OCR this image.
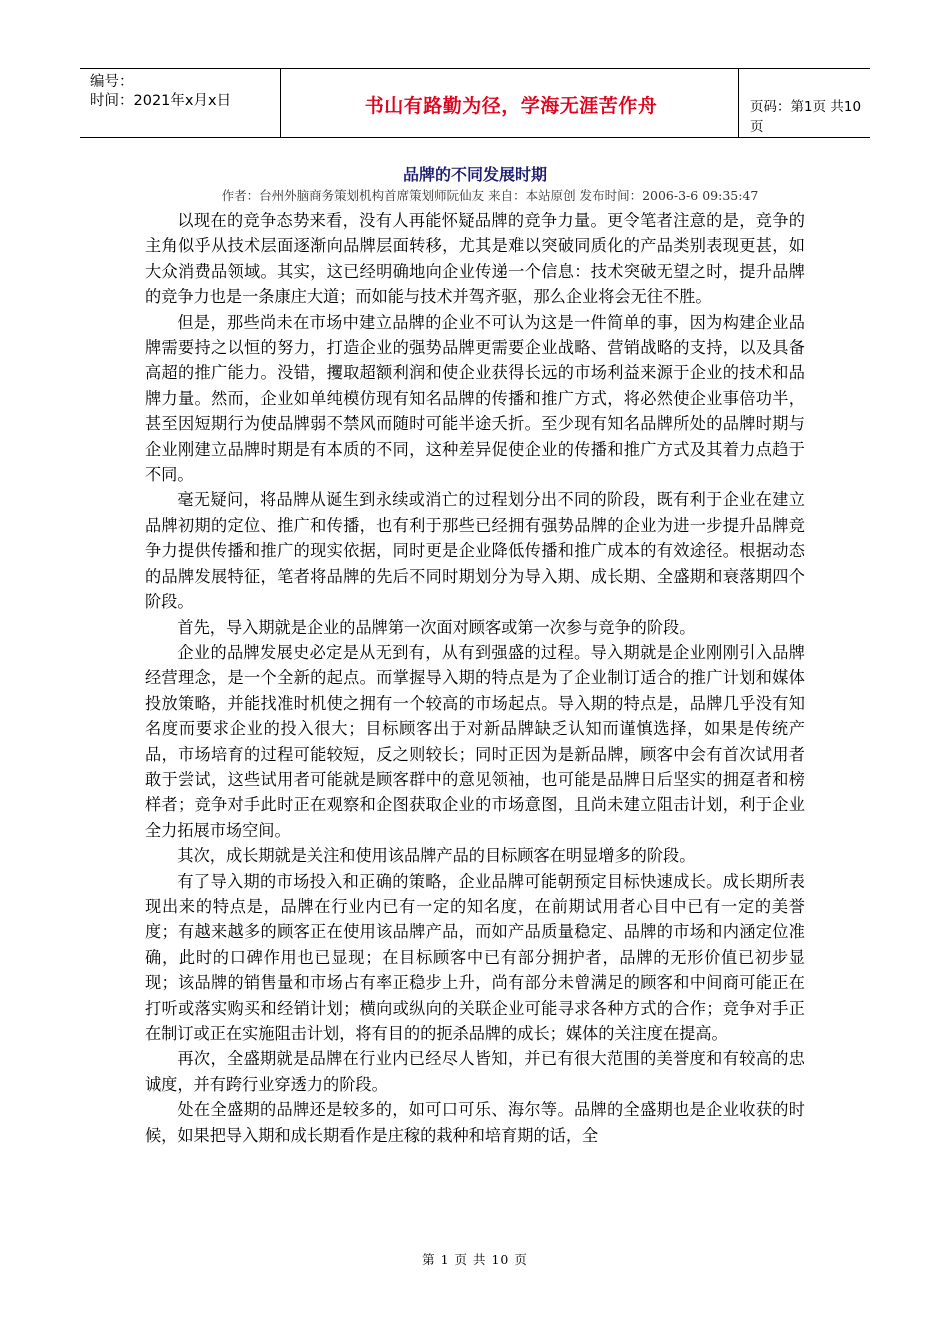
编号：
时间：2021年x月x日	书山有路勤为径，学海无涯苦作舟	页码：第1页 共10页
品牌的不同发展时期
作者：台州外脑商务策划机构首席策划师阮仙友 来自：本站原创 发布时间：2006-3-6 09:35:47

以现在的竞争态势来看，没有人再能怀疑品牌的竞争力量。更令笔者注意的是，竞争的主角似乎从技术层面逐渐向品牌层面转移，尤其是难以突破同质化的产品类别表现更甚，如大众消费品领域。其实，这已经明确地向企业传递一个信息：技术突破无望之时，提升品牌的竞争力也是一条康庄大道；而如能与技术并驾齐驱，那么企业将会无往不胜。

但是，那些尚未在市场中建立品牌的企业不可认为这是一件简单的事，因为构建企业品牌需要持之以恒的努力，打造企业的强势品牌更需要企业战略、营销战略的支持，以及具备高超的推广能力。没错，攫取超额利润和使企业获得长远的市场利益来源于企业的技术和品牌力量。然而，企业如单纯模仿现有知名品牌的传播和推广方式，将必然使企业事倍功半，甚至因短期行为使品牌弱不禁风而随时可能半途夭折。至少现有知名品牌所处的品牌时期与企业刚建立品牌时期是有本质的不同，这种差异促使企业的传播和推广方式及其着力点趋于不同。

毫无疑问，将品牌从诞生到永续或消亡的过程划分出不同的阶段，既有利于企业在建立品牌初期的定位、推广和传播，也有利于那些已经拥有强势品牌的企业为进一步提升品牌竞争力提供传播和推广的现实依据，同时更是企业降低传播和推广成本的有效途径。根据动态的品牌发展特征，笔者将品牌的先后不同时期划分为导入期、成长期、全盛期和衰落期四个阶段。

首先，导入期就是企业的品牌第一次面对顾客或第一次参与竞争的阶段。

企业的品牌发展史必定是从无到有，从有到强盛的过程。导入期就是企业刚刚引入品牌经营理念，是一个全新的起点。而掌握导入期的特点是为了企业制订适合的推广计划和媒体投放策略，并能找准时机使之拥有一个较高的市场起点。导入期的特点是，品牌几乎没有知名度而要求企业的投入很大；目标顾客出于对新品牌缺乏认知而谨慎选择，如果是传统产品，市场培育的过程可能较短，反之则较长；同时正因为是新品牌，顾客中会有首次试用者敢于尝试，这些试用者可能就是顾客群中的意见领袖，也可能是品牌日后坚实的拥趸者和榜样者；竞争对手此时正在观察和企图获取企业的市场意图，且尚未建立阻击计划，利于企业全力拓展市场空间。

其次，成长期就是关注和使用该品牌产品的目标顾客在明显增多的阶段。

有了导入期的市场投入和正确的策略，企业品牌可能朝预定目标快速成长。成长期所表现出来的特点是，品牌在行业内已有一定的知名度，在前期试用者心目中已有一定的美誉度；有越来越多的顾客正在使用该品牌产品，而如产品质量稳定、品牌的市场和内涵定位准确，此时的口碑作用也已显现；在目标顾客中已有部分拥护者，品牌的无形价值已初步显现；该品牌的销售量和市场占有率正稳步上升，尚有部分未曾满足的顾客和中间商可能正在打听或落实购买和经销计划；横向或纵向的关联企业可能寻求各种方式的合作；竞争对手正在制订或正在实施阻击计划，将有目的的扼杀品牌的成长；媒体的关注度在提高。

再次，全盛期就是品牌在行业内已经尽人皆知，并已有很大范围的美誉度和有较高的忠诚度，并有跨行业穿透力的阶段。

处在全盛期的品牌还是较多的，如可口可乐、海尔等。品牌的全盛期也是企业收获的时候，如果把导入期和成长期看作是庄稼的栽种和培育期的话，全

第 1 页 共 10 页
